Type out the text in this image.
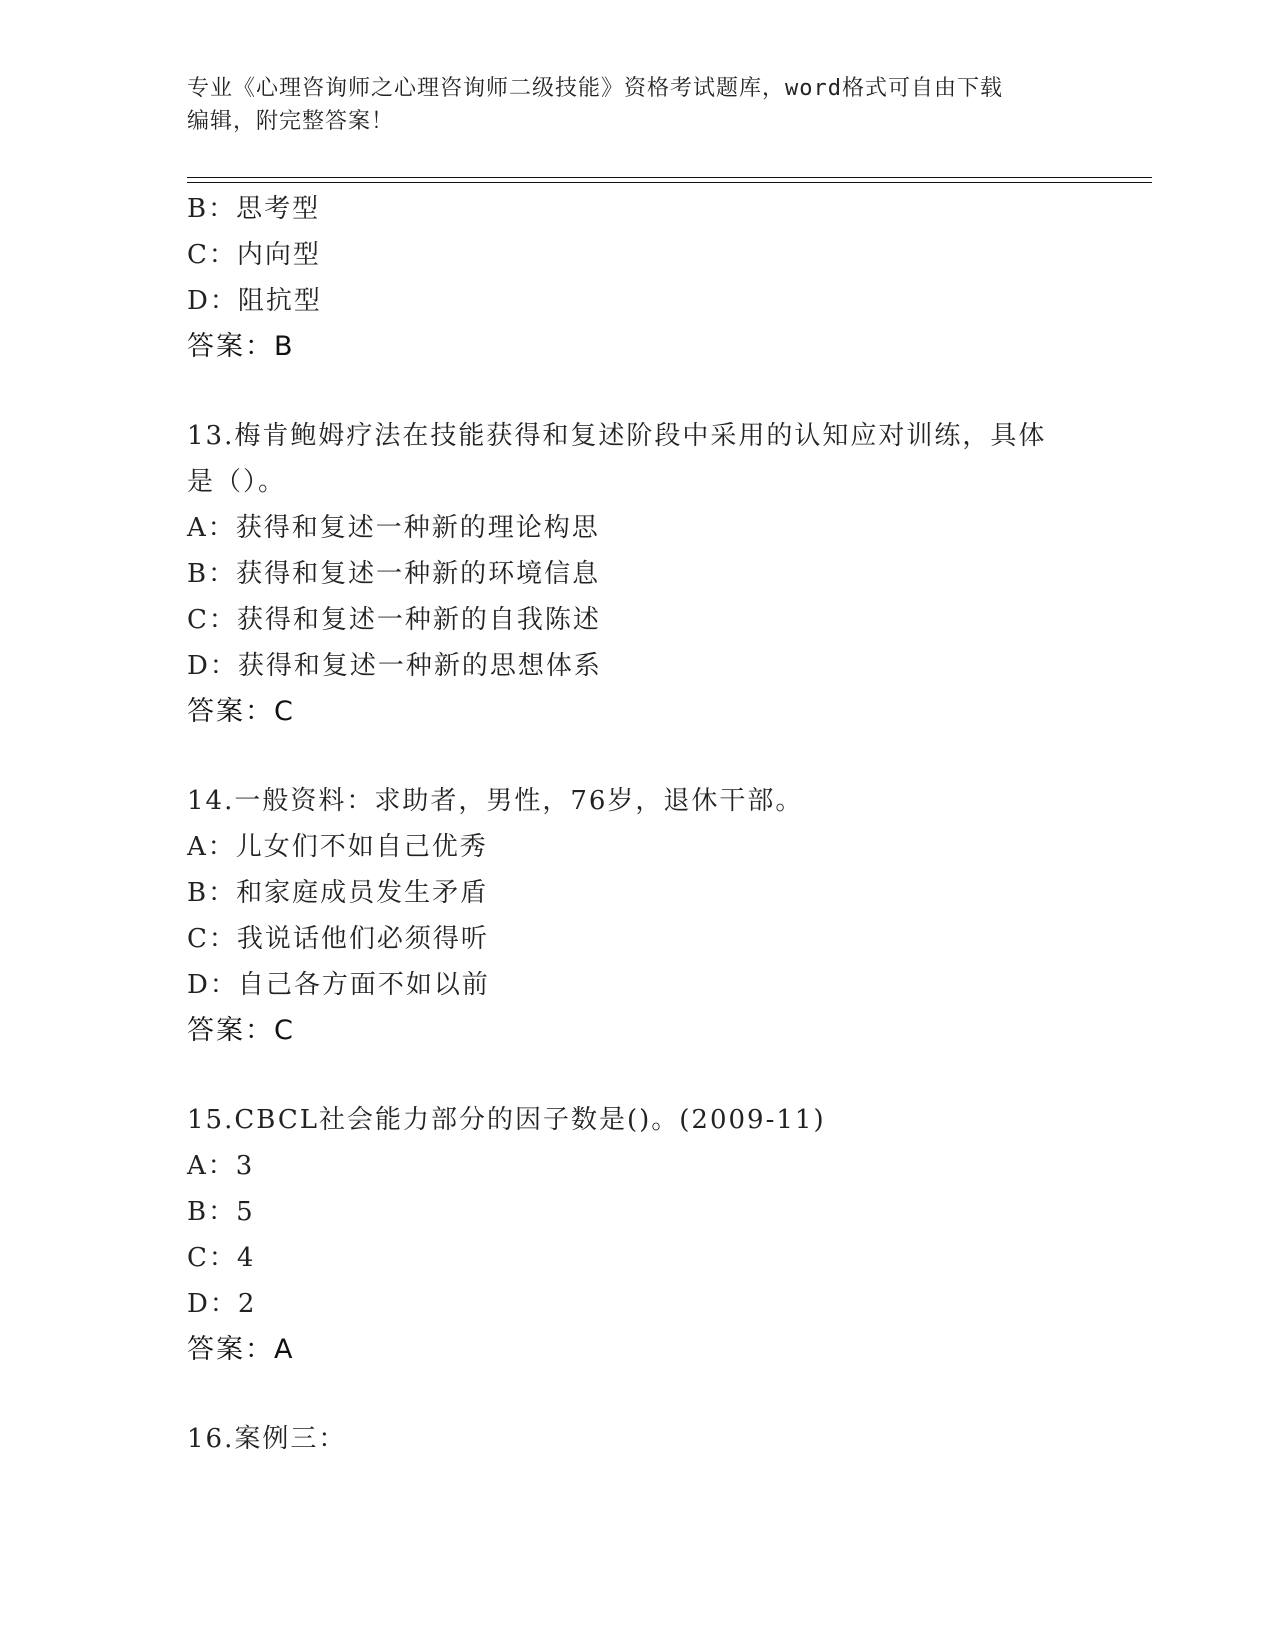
专业《心理咨询师之心理咨询师二级技能》资格考试题库，word格式可自由下载
编辑，附完整答案！
B：思考型
C：内向型
D：阻抗型
答案：B
13.梅肯鲍姆疗法在技能获得和复述阶段中采用的认知应对训练，具体
是（）。
A：获得和复述一种新的理论构思
B：获得和复述一种新的环境信息
C：获得和复述一种新的自我陈述
D：获得和复述一种新的思想体系
答案：C
14.一般资料：求助者，男性，76岁，退休干部。
A：儿女们不如自己优秀
B：和家庭成员发生矛盾
C：我说话他们必须得听
D：自己各方面不如以前
答案：C
15.CBCL社会能力部分的因子数是()。(2009-11)
A：3
B：5
C：4
D：2
答案：A
16.案例三：
